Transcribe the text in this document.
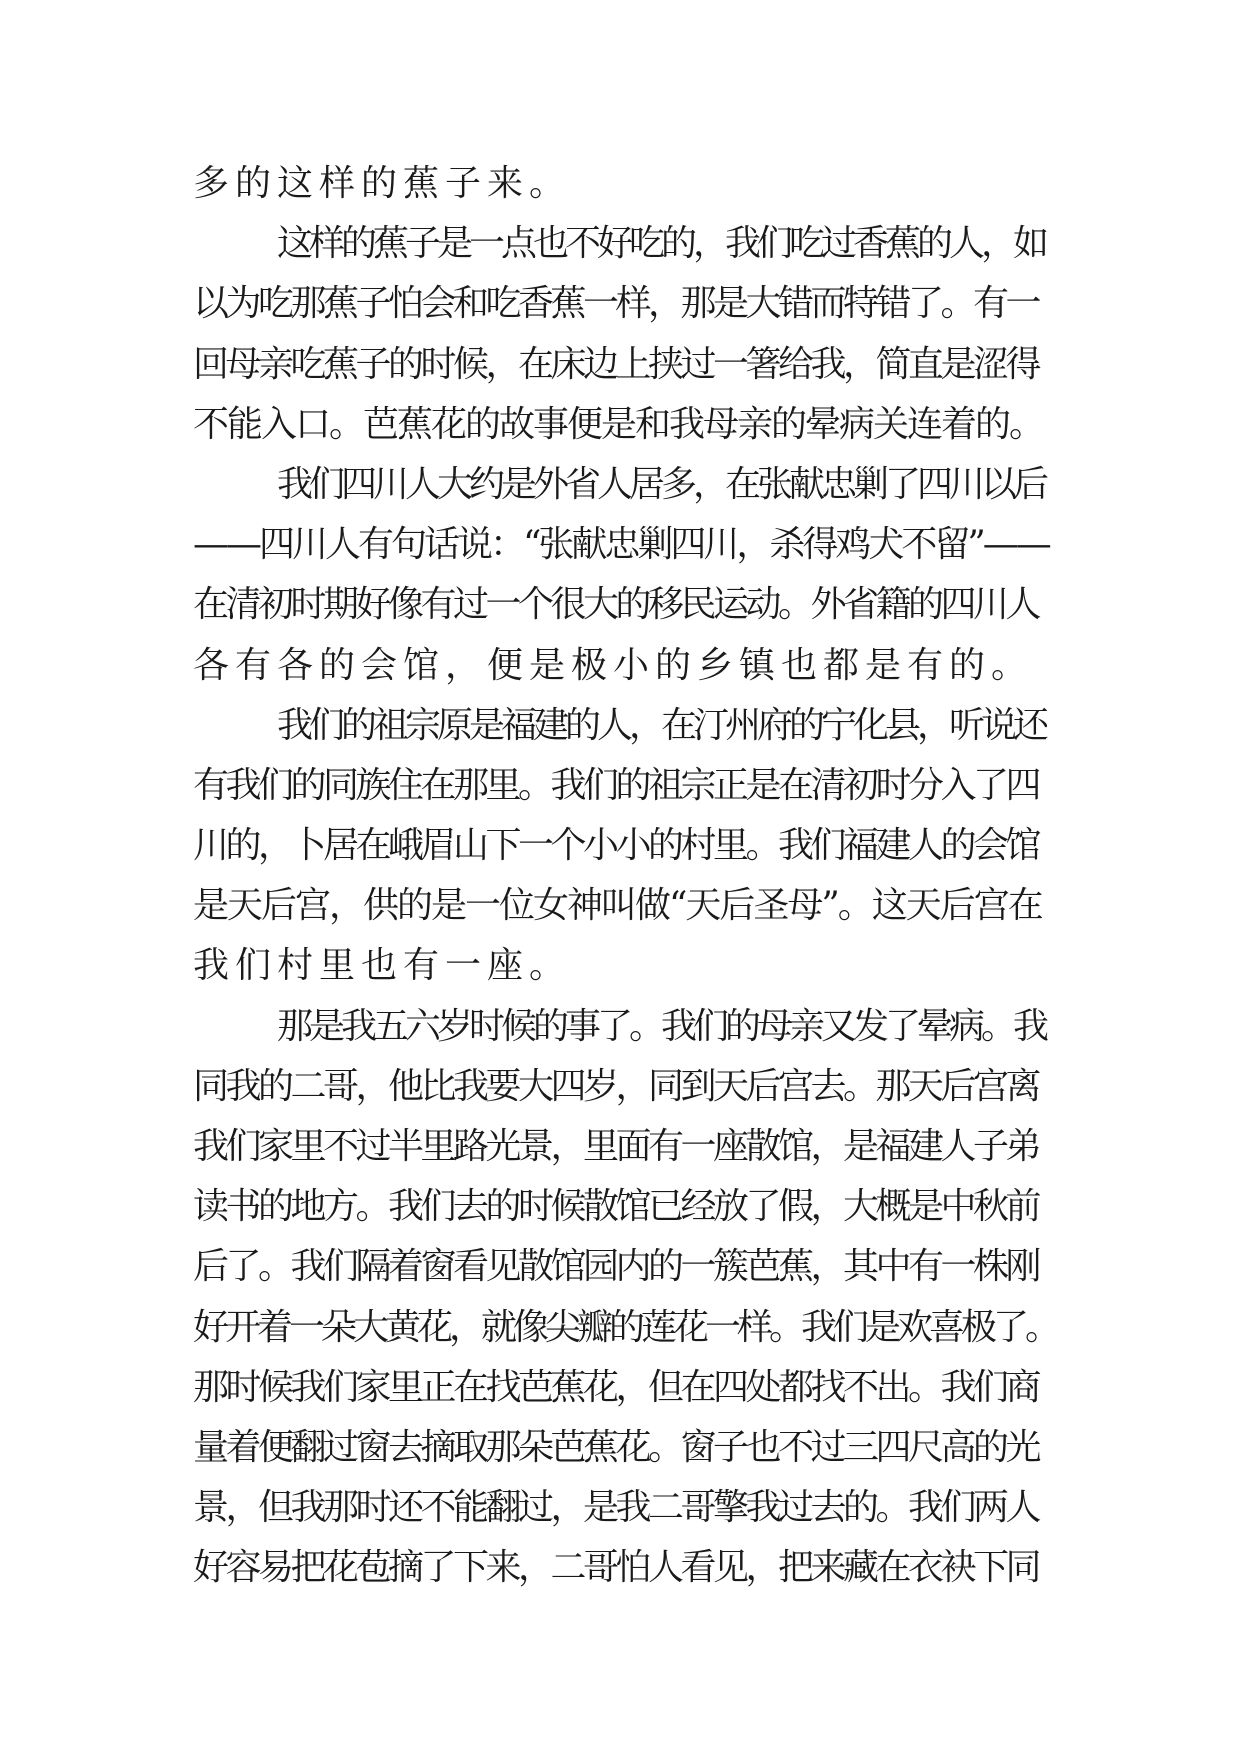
多的这样的蕉子来。
这样的蕉子是一点也不好吃的，我们吃过香蕉的人，如
以为吃那蕉子怕会和吃香蕉一样，那是大错而特错了。有一
回母亲吃蕉子的时候，在床边上挟过一箸给我，简直是涩得
不能入口。芭蕉花的故事便是和我母亲的晕病关连着的。
我们四川人大约是外省人居多，在张献忠剿了四川以后
——四川人有句话说：“张献忠剿四川，杀得鸡犬不留”——
在清初时期好像有过一个很大的移民运动。外省籍的四川人
各有各的会馆，便是极小的乡镇也都是有的。
我们的祖宗原是福建的人，在汀州府的宁化县，听说还
有我们的同族住在那里。我们的祖宗正是在清初时分入了四
川的，卜居在峨眉山下一个小小的村里。我们福建人的会馆
是天后宫，供的是一位女神叫做“天后圣母”。这天后宫在
我们村里也有一座。
那是我五六岁时候的事了。我们的母亲又发了晕病。我
同我的二哥，他比我要大四岁，同到天后宫去。那天后宫离
我们家里不过半里路光景，里面有一座散馆，是福建人子弟
读书的地方。我们去的时候散馆已经放了假，大概是中秋前
后了。我们隔着窗看见散馆园内的一簇芭蕉，其中有一株刚
好开着一朵大黄花，就像尖瓣的莲花一样。我们是欢喜极了。
那时候我们家里正在找芭蕉花，但在四处都找不出。我们商
量着便翻过窗去摘取那朵芭蕉花。窗子也不过三四尺高的光
景，但我那时还不能翻过，是我二哥擎我过去的。我们两人
好容易把花苞摘了下来，二哥怕人看见，把来藏在衣袂下同
